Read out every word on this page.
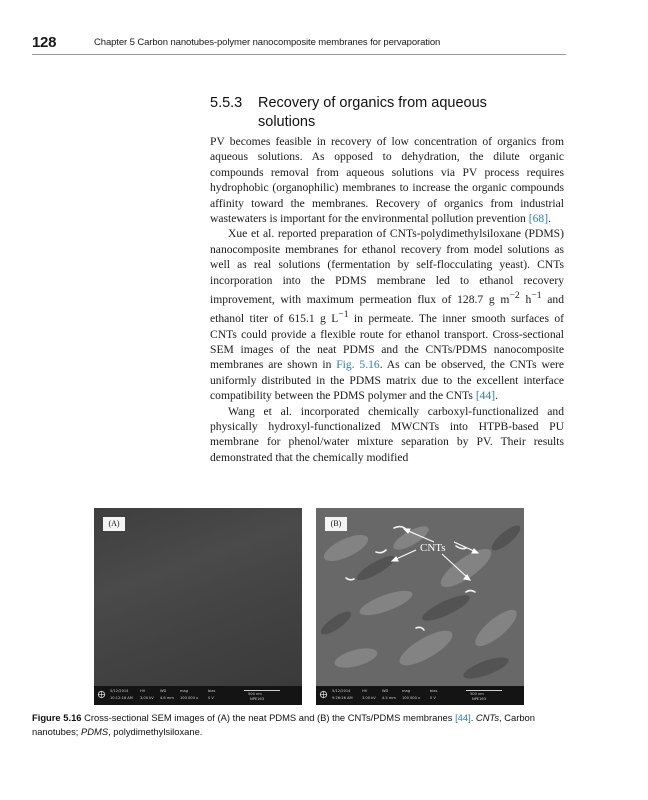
128	Chapter 5 Carbon nanotubes-polymer nanocomposite membranes for pervaporation
5.5.3 Recovery of organics from aqueous solutions

PV becomes feasible in recovery of low concentration of organics from aqueous solutions. As opposed to dehydration, the dilute organic compounds removal from aqueous solutions via PV process requires hydrophobic (organophilic) membranes to increase the organic compounds affinity toward the membranes. Recovery of organics from industrial wastewaters is important for the environmental pollution prevention [68].

Xue et al. reported preparation of CNTs-polydimethylsiloxane (PDMS) nanocomposite membranes for ethanol recovery from model solutions as well as real solutions (fermentation by self-flocculating yeast). CNTs incorporation into the PDMS membrane led to ethanol recovery improvement, with maximum permeation flux of 128.7 g $m^{-2}$ $h^{-1}$ and ethanol titer of 615.1 g $L^{-1}$ in permeate. The inner smooth surfaces of CNTs could provide a flexible route for ethanol transport. Cross-sectional SEM images of the neat PDMS and the CNTs/PDMS nanocomposite membranes are shown in Fig. 5.16. As can be observed, the CNTs were uniformly distributed in the PDMS matrix due to the excellent interface compatibility between the PDMS polymer and the CNTs [44].

Wang et al. incorporated chemically carboxyl-functionalized and physically hydroxyl-functionalized MWCNTs into HTPB-based PU membrane for phenol/water mixture separation by PV. Their results demonstrated that the chemically modified

(A)
5/12/2014
10:12:18 AM
HV
3.00 kV
WD
4.6 mm
mag
100 000 x
bias
0 V
500 nm
NPE163
CNTs
(B)
5/12/2014
9:26:26 AM
HV
3.00 kV
WD
4.5 mm
mag
100 000 x
bias
0 V
500 nm
NPE163
Figure 5.16 Cross-sectional SEM images of (A) the neat PDMS and (B) the CNTs/PDMS membranes [44]. CNTs, Carbon nanotubes; PDMS, polydimethylsiloxane.
